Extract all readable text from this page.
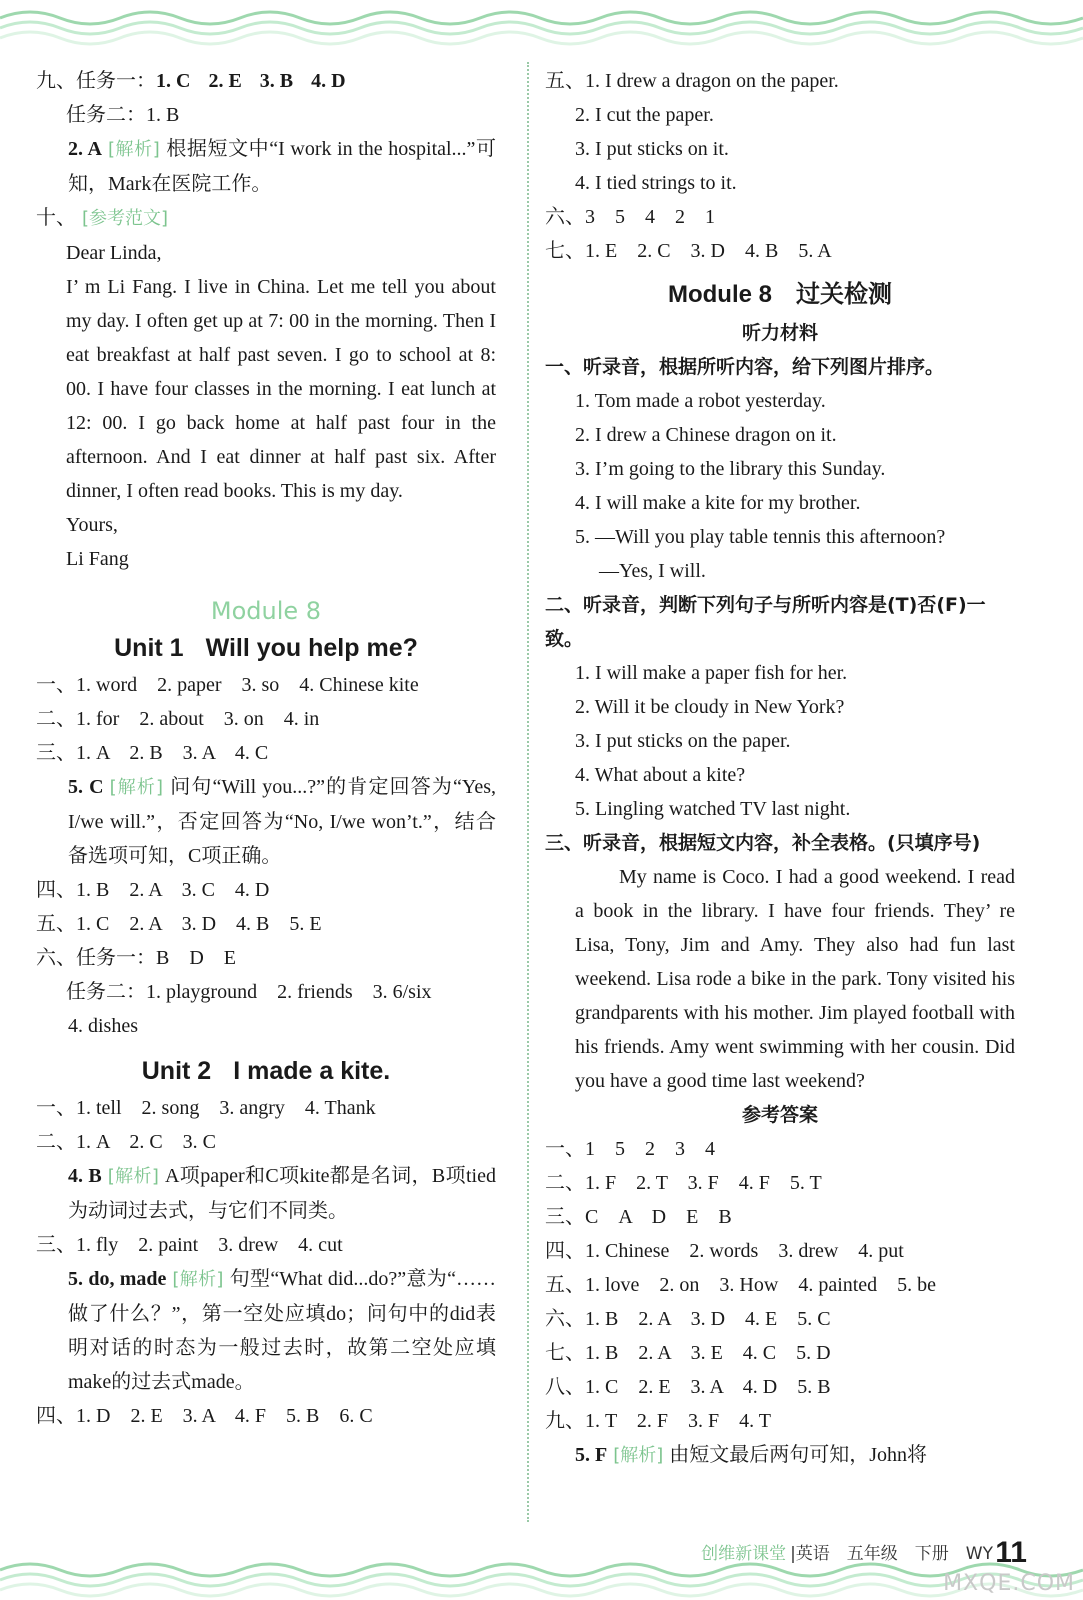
九、任务一：1. C 2. E 3. B 4. D
任务二：1. B
2. A [解析] 根据短文中“I work in the hospital...”可知，Mark在医院工作。
十、 [参考范文]
Dear Linda,
I’ m Li Fang. I live in China. Let me tell you about my day. I often get up at 7: 00 in the morning. Then I eat breakfast at half past seven. I go to school at 8: 00. I have four classes in the morning. I eat lunch at 12: 00. I go back home at half past four in the afternoon. And I eat dinner at half past six. After dinner, I often read books. This is my day.
Yours,
Li Fang
Module 8
Unit 1 Will you help me?
一、1. word　2. paper　3. so　4. Chinese kite
二、1. for　2. about　3. on　4. in
三、1. A　2. B　3. A　4. C
5. C [解析] 问句“Will you...?”的肯定回答为“Yes, I/we will.”，否定回答为“No, I/we won’t.”，结合备选项可知，C项正确。
四、1. B　2. A　3. C　4. D
五、1. C　2. A　3. D　4. B　5. E
六、任务一：B　D　E
任务二：1. playground　2. friends　3. 6/six
4. dishes
Unit 2 I made a kite.
一、1. tell　2. song　3. angry　4. Thank
二、1. A　2. C　3. C
4. B [解析] A项paper和C项kite都是名词，B项tied为动词过去式，与它们不同类。
三、1. fly　2. paint　3. drew　4. cut
5. do, made [解析] 句型“What did...do?”意为“……做了什么？”，第一空处应填do；问句中的did表明对话的时态为一般过去时，故第二空处应填make的过去式made。
四、1. D　2. E　3. A　4. F　5. B　6. C
五、1. I drew a dragon on the paper.
2. I cut the paper.
3. I put sticks on it.
4. I tied strings to it.
六、3　5　4　2　1
七、1. E　2. C　3. D　4. B　5. A
Module 8　过关检测
听力材料
一、听录音，根据所听内容，给下列图片排序。
1. Tom made a robot yesterday.
2. I drew a Chinese dragon on it.
3. I’m going to the library this Sunday.
4. I will make a kite for my brother.
5. —Will you play table tennis this afternoon?
—Yes, I will.
二、听录音，判断下列句子与所听内容是(T)否(F)一致。
1. I will make a paper fish for her.
2. Will it be cloudy in New York?
3. I put sticks on the paper.
4. What about a kite?
5. Lingling watched TV last night.
三、听录音，根据短文内容，补全表格。(只填序号)
My name is Coco. I had a good weekend. I read a book in the library. I have four friends. They’ re Lisa, Tony, Jim and Amy. They also had fun last weekend. Lisa rode a bike in the park. Tony visited his grandparents with his mother. Jim played football with his friends. Amy went swimming with her cousin. Did you have a good time last weekend?
参考答案
一、1　5　2　3　4
二、1. F　2. T　3. F　4. F　5. T
三、C　A　D　E　B
四、1. Chinese　2. words　3. drew　4. put
五、1. love　2. on　3. How　4. painted　5. be
六、1. B　2. A　3. D　4. E　5. C
七、1. B　2. A　3. E　4. C　5. D
八、1. C　2. E　3. A　4. D　5. B
九、1. T　2. F　3. F　4. T
5. F [解析] 由短文最后两句可知，John将
创维新课堂 |英语　五年级　下册　WY 11
MXQE.COM
